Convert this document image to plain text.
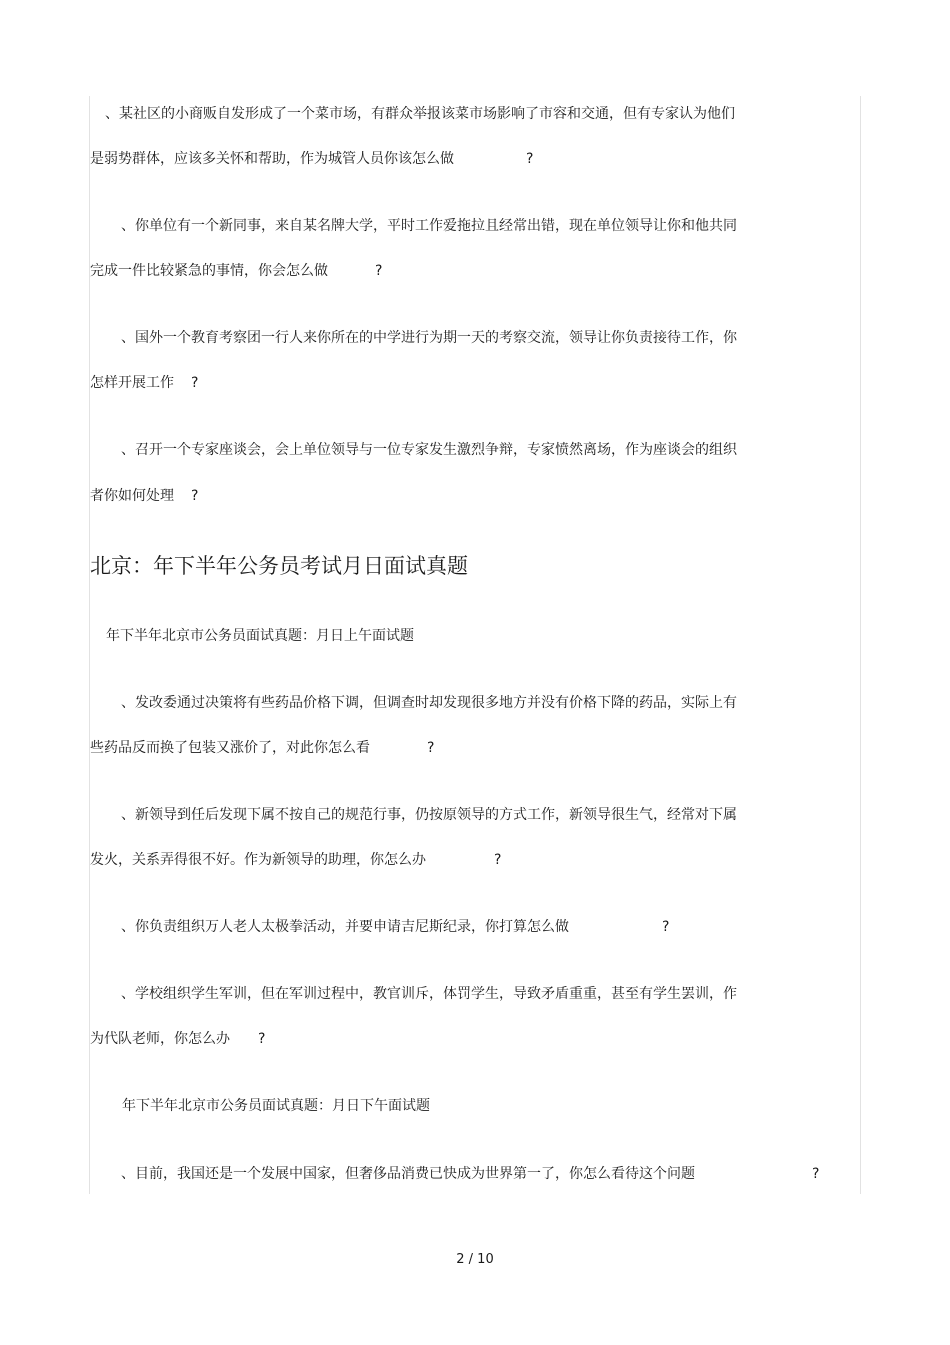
、某社区的小商贩自发形成了一个菜市场，有群众举报该菜市场影响了市容和交通，但有专家认为他们
是弱势群体，应该多关怀和帮助，作为城管人员你该怎么做	?
、你单位有一个新同事，来自某名牌大学，平时工作爱拖拉且经常出错，现在单位领导让你和他共同
完成一件比较紧急的事情，你会怎么做	?
、国外一个教育考察团一行人来你所在的中学进行为期一天的考察交流，领导让你负责接待工作，你
怎样开展工作 ?
、召开一个专家座谈会，会上单位领导与一位专家发生激烈争辩，专家愤然离场，作为座谈会的组织
者你如何处理 ?
北京：年下半年公务员考试月日面试真题
年下半年北京市公务员面试真题：月日上午面试题
、发改委通过决策将有些药品价格下调，但调查时却发现很多地方并没有价格下降的药品，实际上有
些药品反而换了包装又涨价了，对此你怎么看	?
、新领导到任后发现下属不按自己的规范行事，仍按原领导的方式工作，新领导很生气，经常对下属
发火，关系弄得很不好。作为新领导的助理，你怎么办	?
、你负责组织万人老人太极拳活动，并要申请吉尼斯纪录，你打算怎么做	?
、学校组织学生军训，但在军训过程中，教官训斥，体罚学生，导致矛盾重重，甚至有学生罢训，作
为代队老师，你怎么办 ?
年下半年北京市公务员面试真题：月日下午面试题
、目前，我国还是一个发展中国家，但奢侈品消费已快成为世界第一了，你怎么看待这个问题	?
2 / 10
